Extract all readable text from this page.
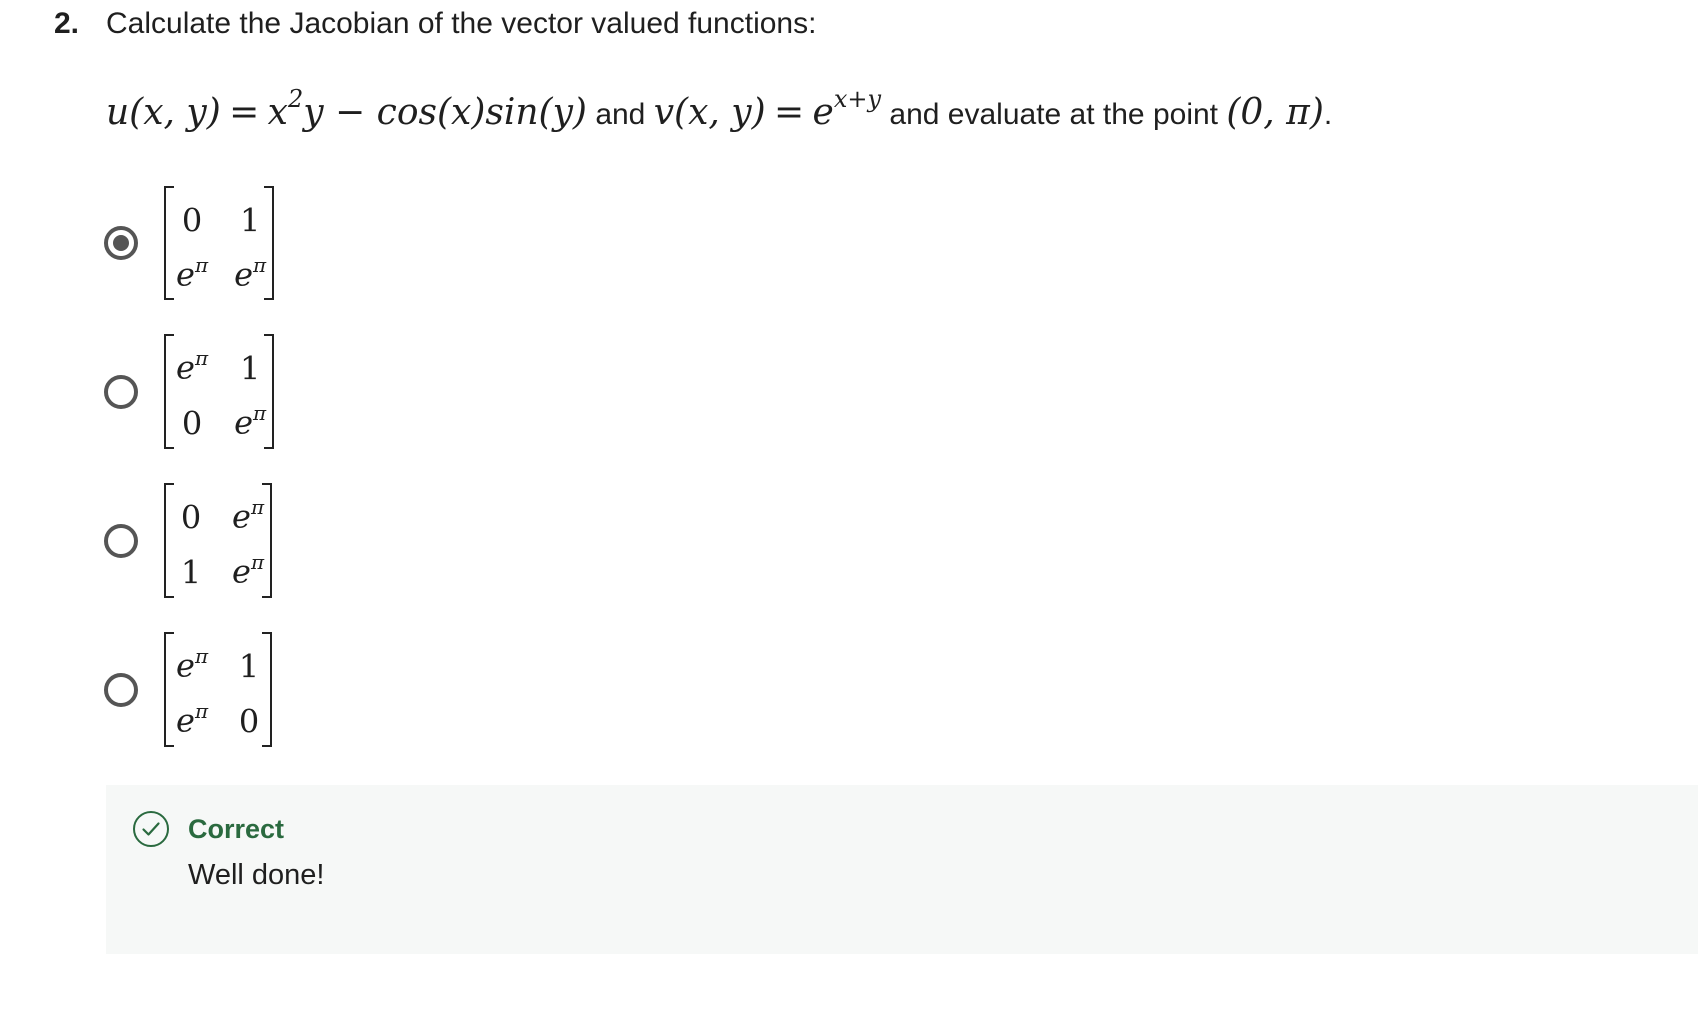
2. Calculate the Jacobian of the vector valued functions:
u(x, $y) = x^2y - \cos(x)\sin(y)$ and v(x, $y) = e^{x+y}$ and evaluate at the point (0, π).
0 1
$e^\pi$ $e^\pi$
$e^\pi$ 1
0 $e^\pi$
0 $e^\pi$
1 $e^\pi$
$e^\pi$ 1
$e^\pi$ 0
Correct
Well done!
